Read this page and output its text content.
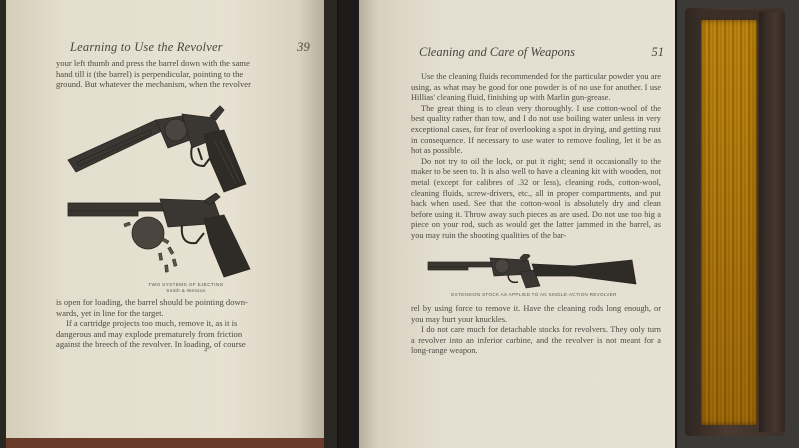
Learning to Use the Revolver	39
your left thumb and press the barrel down with the same
hand till it (the barrel) is perpendicular, pointing to the
ground. But whatever the mechanism, when the revolver
TWO SYSTEMS OF EJECTING
Smith & Wesson
is open for loading, the barrel should be pointing down-
wards, yet in line for the target.
If a cartridge projects too much, remove it, as it is
dangerous and may explode prematurely from friction
against the breech of the revolver. In loading, of course
4
Cleaning and Care of Weapons	51

Use the cleaning fluids recommended for the particular powder you are using, as what may be good for one powder is of no use for another. I use Hillias' cleaning fluid, finishing up with Marlin gun-grease.

The great thing is to clean very thoroughly. I use cotton-wool of the best quality rather than tow, and I do not use boiling water unless in very exceptional cases, for fear of overlooking a spot in drying, and getting rust in consequence. If necessary to use water to remove fouling, let it be as hot as possible.

Do not try to oil the lock, or put it right; send it occasionally to the maker to be seen to. It is also well to have a cleaning kit with wooden, not metal (except for calibres of .32 or less), cleaning rods, cotton-wool, cleaning fluids, screw-drivers, etc., all in proper compartments, and put back when used. See that the cotton-wool is absolutely dry and clean before using it. Throw away such pieces as are used. Do not use too big a piece on your rod, such as would get the latter jammed in the barrel, as you may ruin the shooting qualities of the bar-

EXTENSION STOCK AS APPLIED TO AN SINGLE-ACTION REVOLVER

rel by using force to remove it. Have the cleaning rods long enough, or you may hurt your knuckles.

I do not care much for detachable stocks for revolvers. They only turn a revolver into an inferior carbine, and the revolver is not meant for a long-range weapon.
